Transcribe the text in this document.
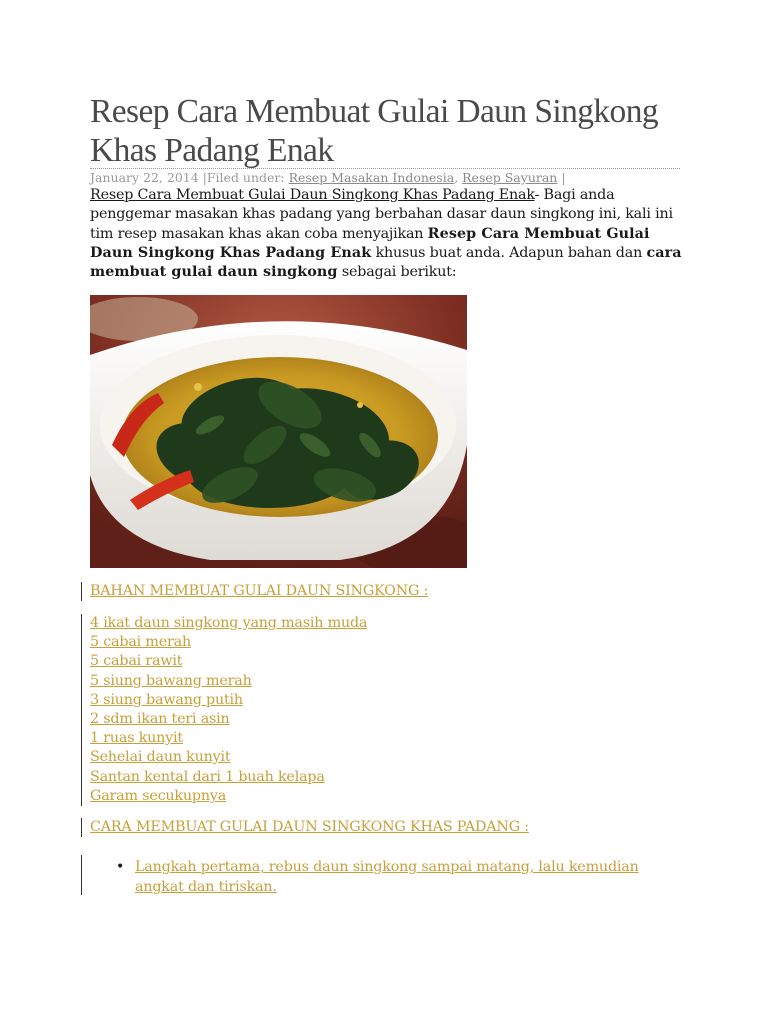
Resep Cara Membuat Gulai Daun Singkong Khas Padang Enak
January 22, 2014 |Filed under: Resep Masakan Indonesia, Resep Sayuran |

Resep Cara Membuat Gulai Daun Singkong Khas Padang Enak- Bagi anda penggemar masakan khas padang yang berbahan dasar daun singkong ini, kali ini tim resep masakan khas akan coba menyajikan Resep Cara Membuat Gulai Daun Singkong Khas Padang Enak khusus buat anda. Adapun bahan dan cara membuat gulai daun singkong sebagai berikut:

BAHAN MEMBUAT GULAI DAUN SINGKONG :
4 ikat daun singkong yang masih muda
5 cabai merah
5 cabai rawit
5 siung bawang merah
3 siung bawang putih
2 sdm ikan teri asin
1 ruas kunyit
Sehelai daun kunyit
Santan kental dari 1 buah kelapa
Garam secukupnya
CARA MEMBUAT GULAI DAUN SINGKONG KHAS PADANG :
• Langkah pertama, rebus daun singkong sampai matang, lalu kemudian angkat dan tiriskan.
